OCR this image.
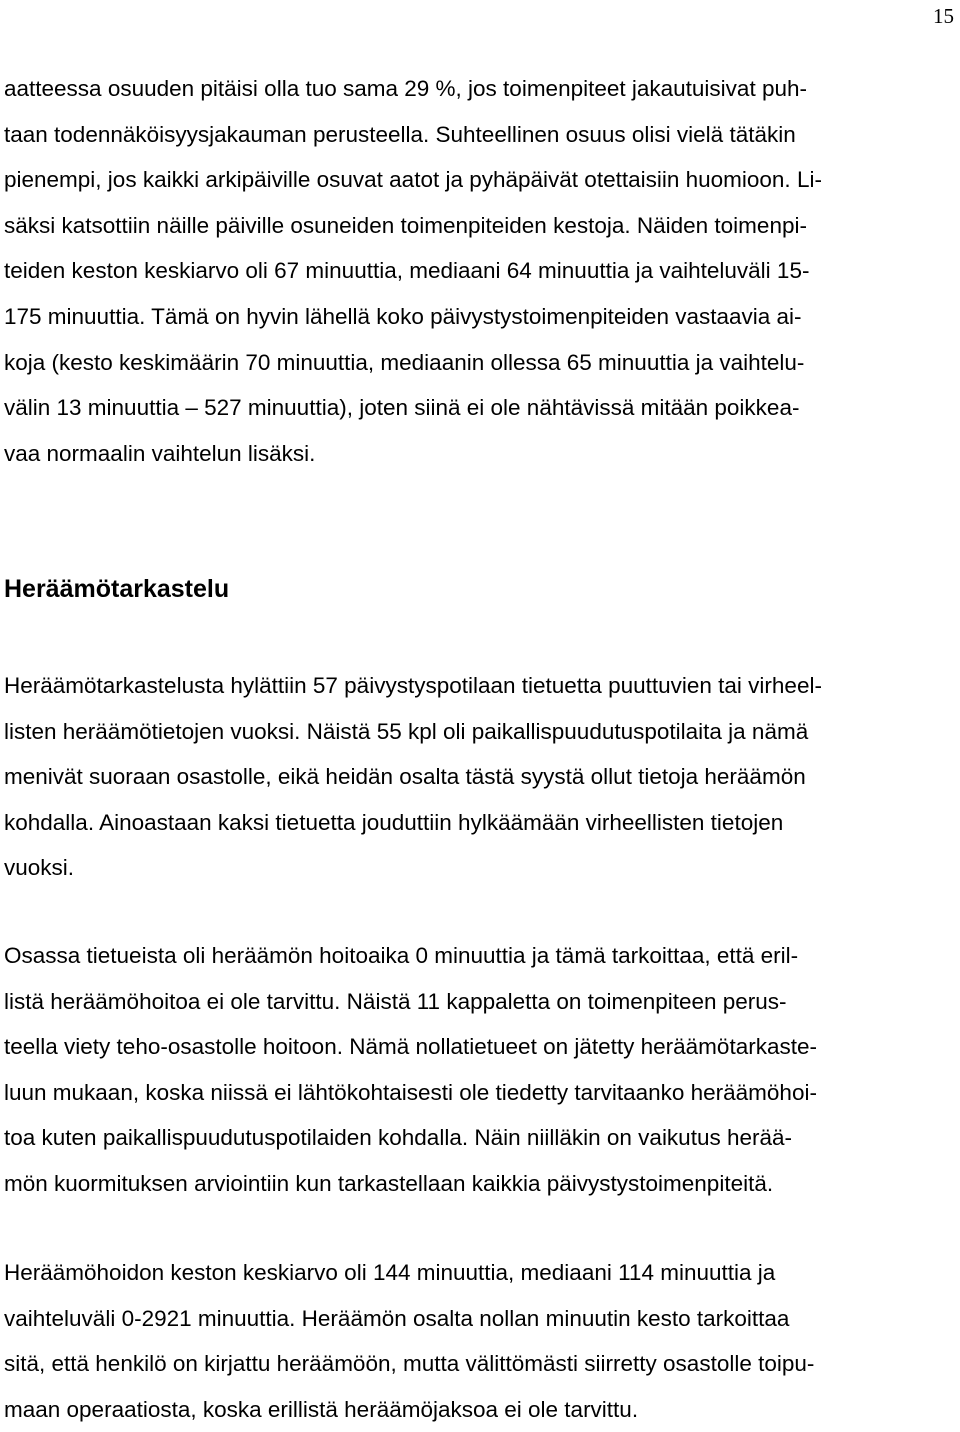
15

aatteessa osuuden pitäisi olla tuo sama 29 %, jos toimenpiteet jakautuisivat puh-
taan todennäköisyysjakauman perusteella. Suhteellinen osuus olisi vielä tätäkin
pienempi, jos kaikki arkipäiville osuvat aatot ja pyhäpäivät otettaisiin huomioon. Li-
säksi katsottiin näille päiville osuneiden toimenpiteiden kestoja. Näiden toimenpi-
teiden keston keskiarvo oli 67 minuuttia, mediaani 64 minuuttia ja vaihteluväli 15-
175 minuuttia. Tämä on hyvin lähellä koko päivystystoimenpiteiden vastaavia ai-
koja (kesto keskimäärin 70 minuuttia, mediaanin ollessa 65 minuuttia ja vaihtelu-
välin 13 minuuttia – 527 minuuttia), joten siinä ei ole nähtävissä mitään poikkea-
vaa normaalin vaihtelun lisäksi.

Heräämötarkastelu

Heräämötarkastelusta hylättiin 57 päivystyspotilaan tietuetta puuttuvien tai virheel-
listen heräämötietojen vuoksi. Näistä 55 kpl oli paikallispuudutuspotilaita ja nämä
menivät suoraan osastolle, eikä heidän osalta tästä syystä ollut tietoja heräämön
kohdalla. Ainoastaan kaksi tietuetta jouduttiin hylkäämään virheellisten tietojen
vuoksi.

Osassa tietueista oli heräämön hoitoaika 0 minuuttia ja tämä tarkoittaa, että eril-
listä heräämöhoitoa ei ole tarvittu. Näistä 11 kappaletta on toimenpiteen perus-
teella viety teho-osastolle hoitoon. Nämä nollatietueet on jätetty heräämötarkaste-
luun mukaan, koska niissä ei lähtökohtaisesti ole tiedetty tarvitaanko heräämöhoi-
toa kuten paikallispuudutuspotilaiden kohdalla. Näin niilläkin on vaikutus herää-
mön kuormituksen arviointiin kun tarkastellaan kaikkia päivystystoimenpiteitä.

Heräämöhoidon keston keskiarvo oli 144 minuuttia, mediaani 114 minuuttia ja
vaihteluväli 0-2921 minuuttia. Heräämön osalta nollan minuutin kesto tarkoittaa
sitä, että henkilö on kirjattu heräämöön, mutta välittömästi siirretty osastolle toipu-
maan operaatiosta, koska erillistä heräämöjaksoa ei ole tarvittu.
